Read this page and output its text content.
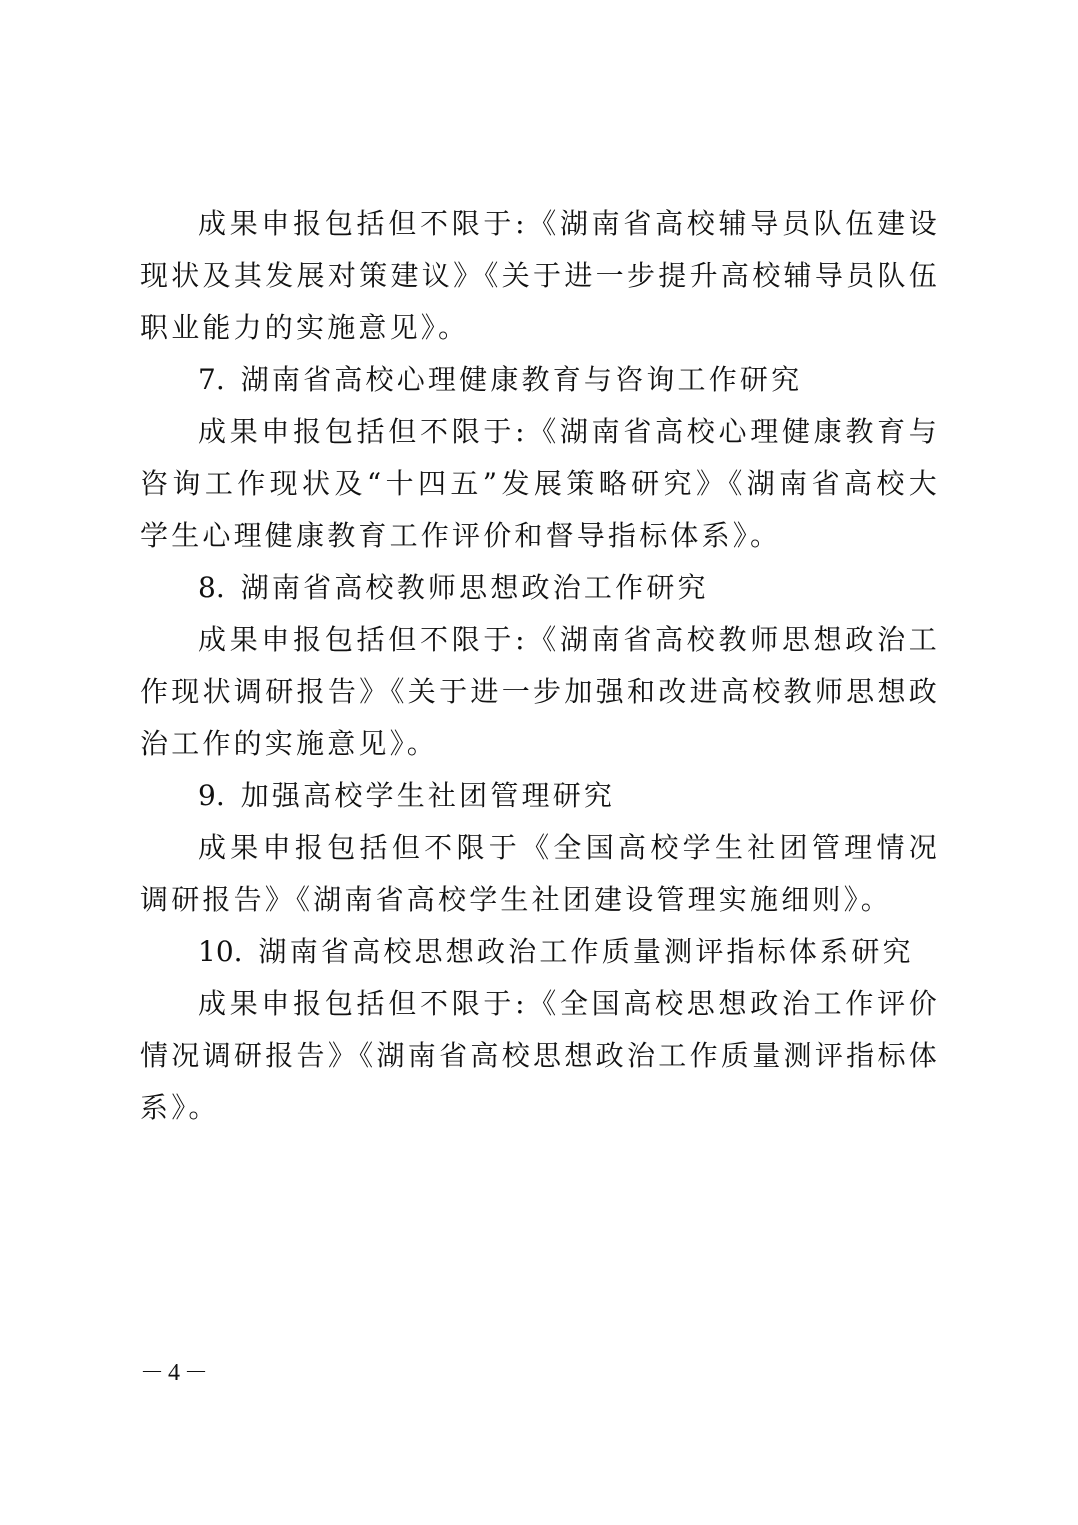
成果申报包括但不限于:《湖南省高校辅导员队伍建设现状及其发展对策建议》《关于进一步提升高校辅导员队伍职业能力的实施意见》。

7. 湖南省高校心理健康教育与咨询工作研究

成果申报包括但不限于:《湖南省高校心理健康教育与咨询工作现状及“十四五”发展策略研究》《湖南省高校大学生心理健康教育工作评价和督导指标体系》。

8. 湖南省高校教师思想政治工作研究

成果申报包括但不限于:《湖南省高校教师思想政治工作现状调研报告》《关于进一步加强和改进高校教师思想政治工作的实施意见》。

9. 加强高校学生社团管理研究

成果申报包括但不限于《全国高校学生社团管理情况调研报告》《湖南省高校学生社团建设管理实施细则》。

10. 湖南省高校思想政治工作质量测评指标体系研究

成果申报包括但不限于:《全国高校思想政治工作评价情况调研报告》《湖南省高校思想政治工作质量测评指标体系》。

－4－
